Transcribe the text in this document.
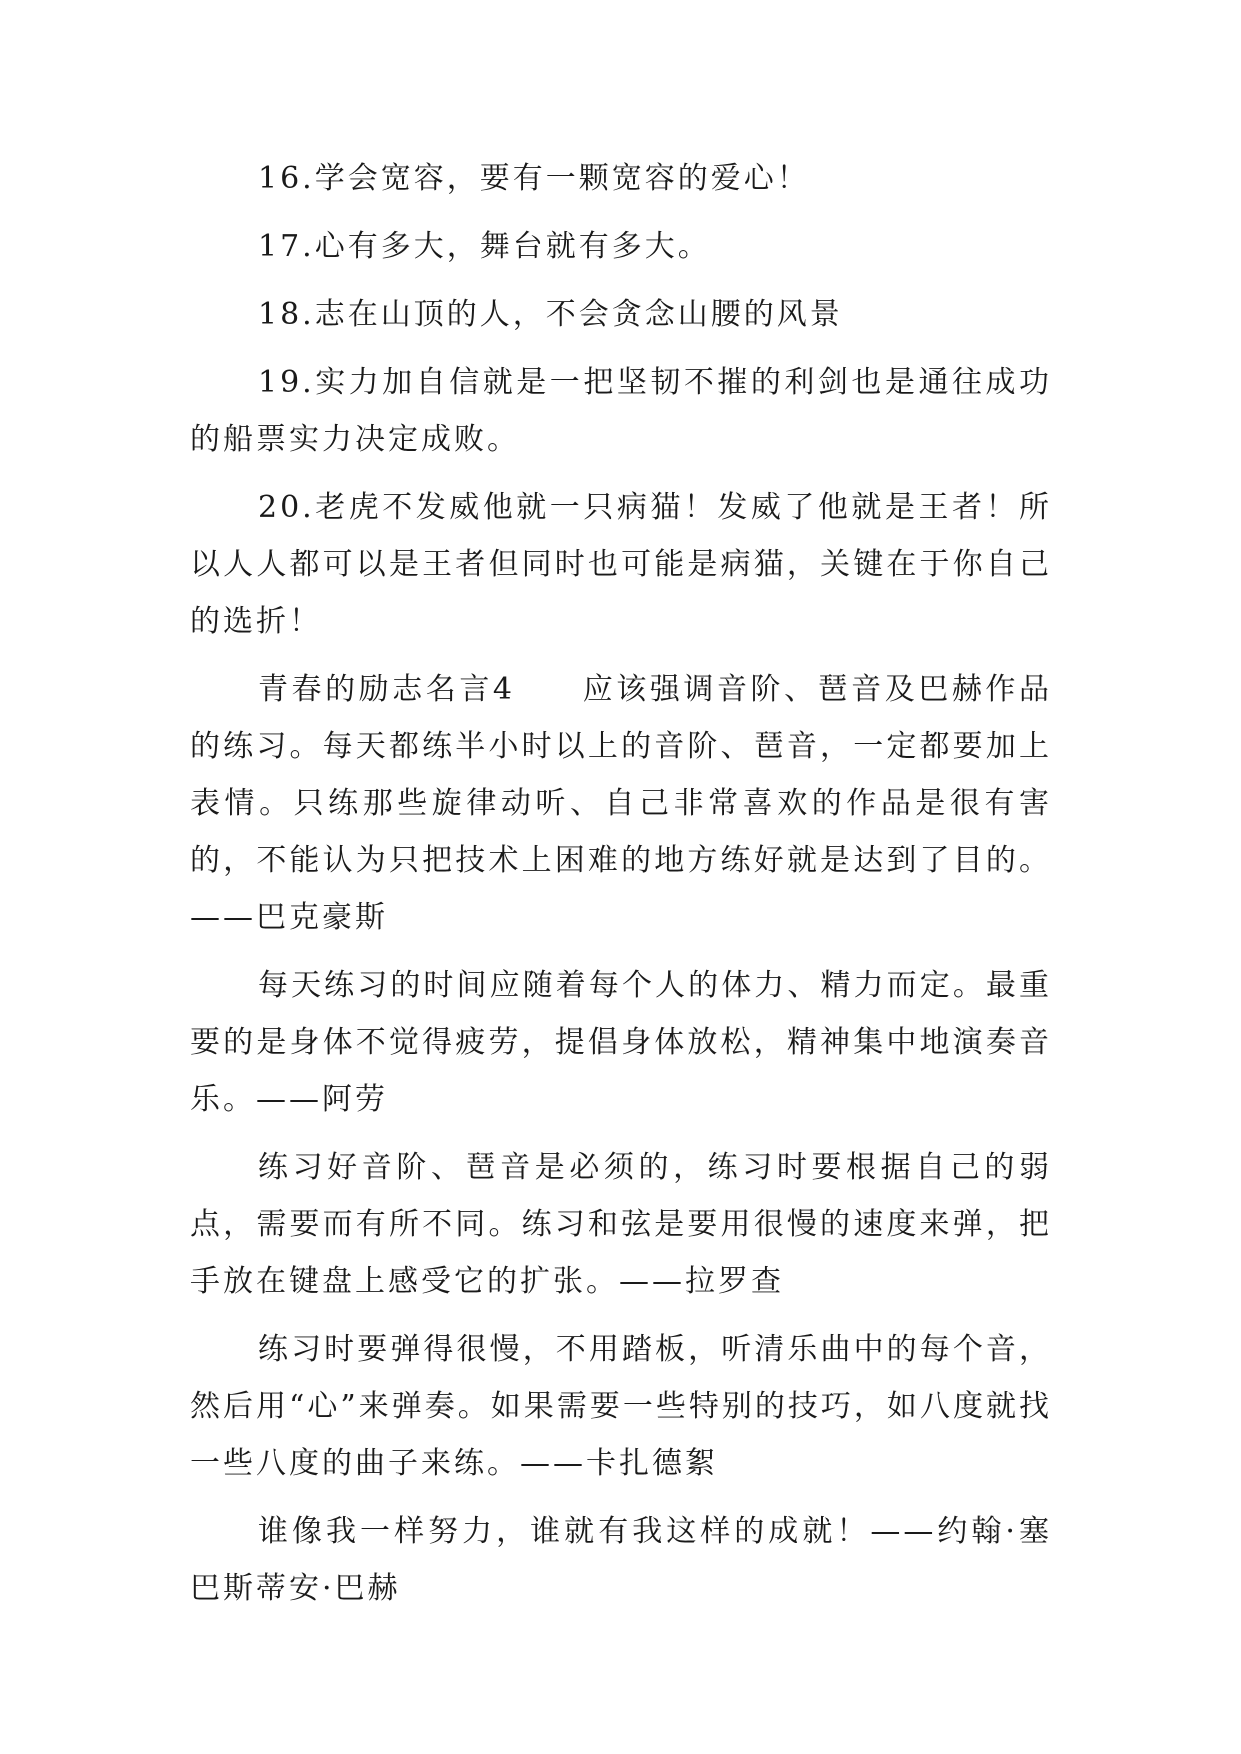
16.学会宽容，要有一颗宽容的爱心！

17.心有多大，舞台就有多大。

18.志在山顶的人，不会贪念山腰的风景

19.实力加自信就是一把坚韧不摧的利剑也是通往成功的船票实力决定成败。

20.老虎不发威他就一只病猫！发威了他就是王者！所以人人都可以是王者但同时也可能是病猫，关键在于你自己的选折！

青春的励志名言4　　应该强调音阶、琶音及巴赫作品的练习。每天都练半小时以上的音阶、琶音，一定都要加上表情。只练那些旋律动听、自己非常喜欢的作品是很有害的，不能认为只把技术上困难的地方练好就是达到了目的。——巴克豪斯

每天练习的时间应随着每个人的体力、精力而定。最重要的是身体不觉得疲劳，提倡身体放松，精神集中地演奏音乐。——阿劳

练习好音阶、琶音是必须的，练习时要根据自己的弱点，需要而有所不同。练习和弦是要用很慢的速度来弹，把手放在键盘上感受它的扩张。——拉罗查

练习时要弹得很慢，不用踏板，听清乐曲中的每个音，然后用“心”来弹奏。如果需要一些特别的技巧，如八度就找一些八度的曲子来练。——卡扎德絮

谁像我一样努力，谁就有我这样的成就！——约翰·塞巴斯蒂安·巴赫
